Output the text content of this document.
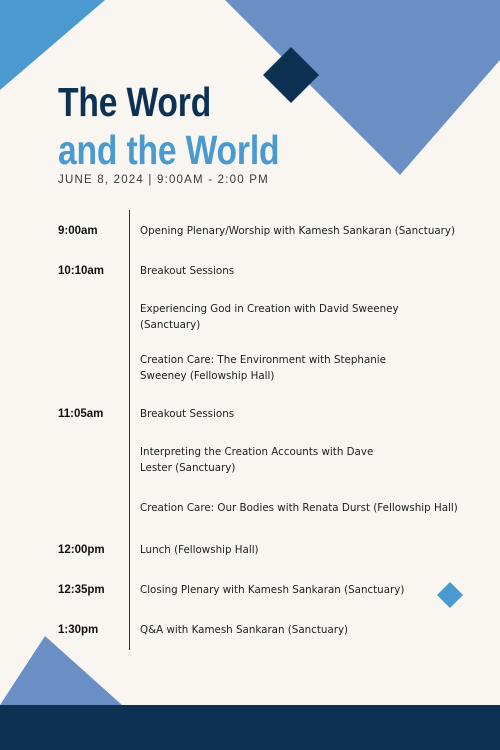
The Word
and the World
JUNE 8, 2024 | 9:00AM - 2:00 PM
9:00am
10:10am
11:05am
12:00pm
12:35pm
1:30pm
Opening Plenary/Worship with Kamesh Sankaran (Sanctuary)
Breakout Sessions
Experiencing God in Creation with David Sweeney (Sanctuary)
Creation Care: The Environment with Stephanie Sweeney (Fellowship Hall)
Breakout Sessions
Interpreting the Creation Accounts with Dave Lester (Sanctuary)
Creation Care: Our Bodies with Renata Durst (Fellowship Hall)
Lunch (Fellowship Hall)
Closing Plenary with Kamesh Sankaran (Sanctuary)
Q&A with Kamesh Sankaran (Sanctuary)
